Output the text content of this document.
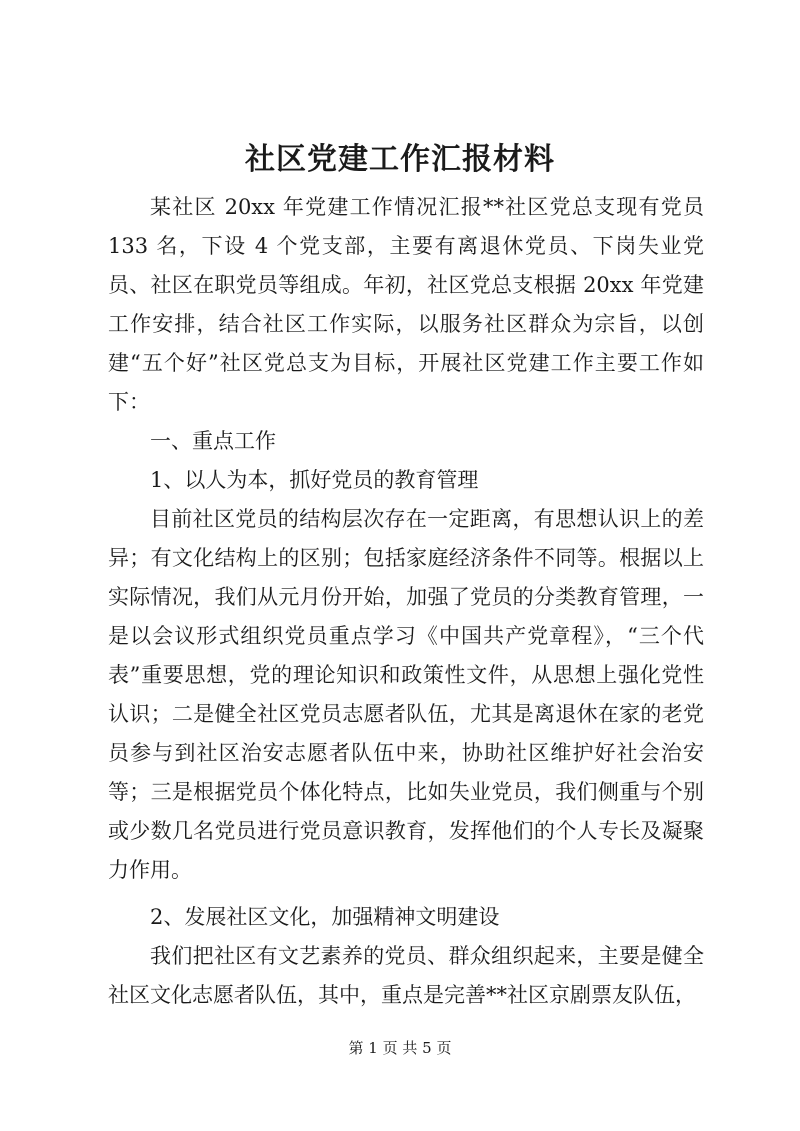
社区党建工作汇报材料

某社区 20xx 年党建工作情况汇报**社区党总支现有党员 133 名，下设 4 个党支部，主要有离退休党员、下岗失业党员、社区在职党员等组成。年初，社区党总支根据 20xx 年党建工作安排，结合社区工作实际，以服务社区群众为宗旨，以创建“五个好”社区党总支为目标，开展社区党建工作主要工作如下：

一、重点工作

1、以人为本，抓好党员的教育管理

目前社区党员的结构层次存在一定距离，有思想认识上的差异；有文化结构上的区别；包括家庭经济条件不同等。根据以上实际情况，我们从元月份开始，加强了党员的分类教育管理，一是以会议形式组织党员重点学习《中国共产党章程》，“三个代表”重要思想，党的理论知识和政策性文件，从思想上强化党性认识；二是健全社区党员志愿者队伍，尤其是离退休在家的老党员参与到社区治安志愿者队伍中来，协助社区维护好社会治安等；三是根据党员个体化特点，比如失业党员，我们侧重与个别或少数几名党员进行党员意识教育，发挥他们的个人专长及凝聚力作用。

2、发展社区文化，加强精神文明建设

我们把社区有文艺素养的党员、群众组织起来，主要是健全社区文化志愿者队伍，其中，重点是完善**社区京剧票友队伍，

第 1 页 共 5 页
